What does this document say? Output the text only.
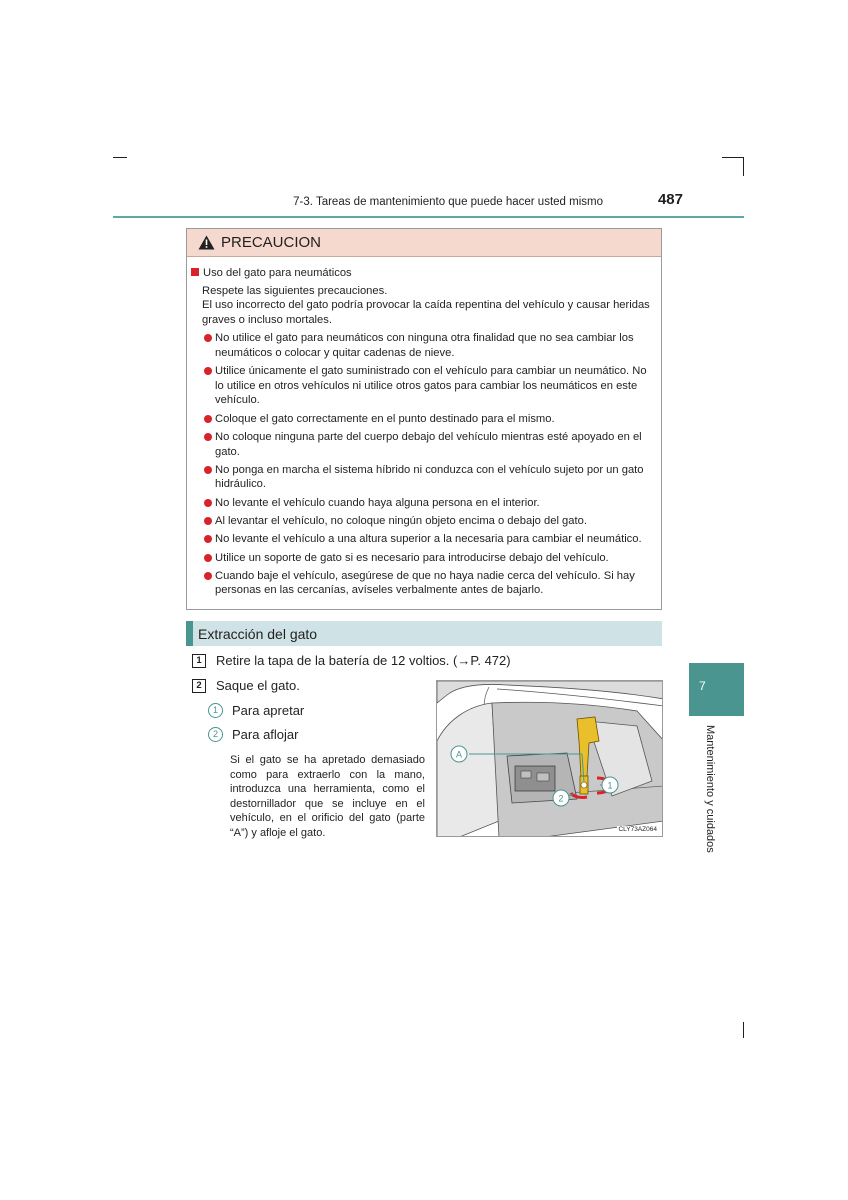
7-3. Tareas de mantenimiento que puede hacer usted mismo	487
7
Mantenimiento y cuidados
PRECAUCION
Uso del gato para neumáticos
Respete las siguientes precauciones.
El uso incorrecto del gato podría provocar la caída repentina del vehículo y causar heridas graves o incluso mortales.
No utilice el gato para neumáticos con ninguna otra finalidad que no sea cambiar los neumáticos o colocar y quitar cadenas de nieve.
Utilice únicamente el gato suministrado con el vehículo para cambiar un neumático. No lo utilice en otros vehículos ni utilice otros gatos para cambiar los neumáticos en este vehículo.
Coloque el gato correctamente en el punto destinado para el mismo.
No coloque ninguna parte del cuerpo debajo del vehículo mientras esté apoyado en el gato.
No ponga en marcha el sistema híbrido ni conduzca con el vehículo sujeto por un gato hidráulico.
No levante el vehículo cuando haya alguna persona en el interior.
Al levantar el vehículo, no coloque ningún objeto encima o debajo del gato.
No levante el vehículo a una altura superior a la necesaria para cambiar el neumático.
Utilice un soporte de gato si es necesario para introducirse debajo del vehículo.
Cuando baje el vehículo, asegúrese de que no haya nadie cerca del vehículo. Si hay personas en las cercanías, avíseles verbalmente antes de bajarlo.
Extracción del gato
1	Retire la tapa de la batería de 12 voltios. (→P. 472)
2	Saque el gato.
1	Para apretar
2	Para aflojar
Si el gato se ha apretado demasiado como para extraerlo con la mano, introduzca una herramienta, como el destornillador que se incluye en el vehículo, en el orificio del gato (parte “A”) y afloje el gato.
A
1
2
CLY73AZ064
